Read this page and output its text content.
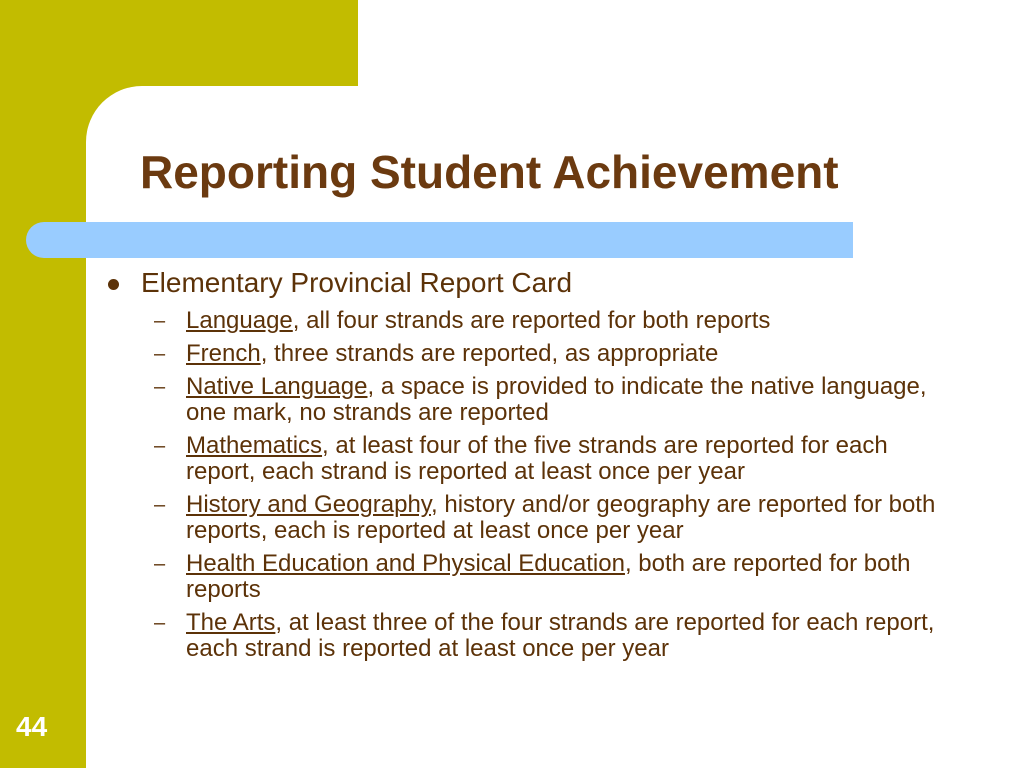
Reporting Student Achievement
Elementary Provincial Report Card
– Language, all four strands are reported for both reports
– French, three strands are reported, as appropriate
– Native Language, a space is provided to indicate the native language, one mark, no strands are reported
– Mathematics, at least four of the five strands are reported for each report, each strand is reported at least once per year
– History and Geography, history and/or geography are reported for both reports, each is reported at least once per year
– Health Education and Physical Education, both are reported for both reports
– The Arts, at least three of the four strands are reported for each report, each strand is reported at least once per year
44
